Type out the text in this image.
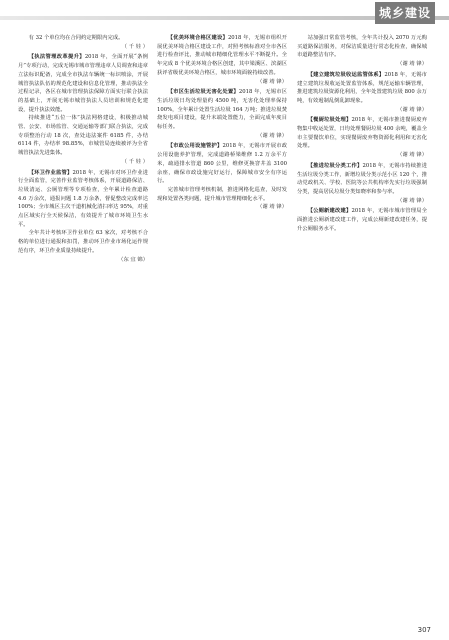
城乡建设

有 32 个单位均在合同约定期限内完成。

（ 千 娃 ）

【执法管理改革提升】2018 年，全面开展“条例月”专项行动，完成无锡市城市管理违章人员调查和违章立法标识配备，完成全市执法车辆统一标识喷涂，开展城管执法队伍的规范化建设和信息化管理，推动执法全过程记录，各区在城市管理执法保障方面实行联合执法的基础上，开展无锡市城管执法人员培训和规范化建设，提升执法效能。

持续推进“五位一体”执法网格建设，积极推动城管、公安、市场监管、交通运输等部门联合执法，完成专项整治行动 18 次，查处违法案件 6185 件，办结 6114 件，办结率 98.85%，市城管局连续被评为全省城管执法先进集体。

（ 千 娃 ）

【环卫作业监管】2018 年，无锡市对环卫作业进行全面监管，完善作业监管考核体系，开展道路保洁、垃圾清运、公厕管理等专项检查，全年累计检查道路 4.6 万余次，通报问题 1.8 万余条，督促整改完成率达 100%；全市城区主次干道机械化清扫率达 95%，对重点区域实行全天候保洁，有效提升了城市环境卫生水平。

全年共计考核环卫作业单位 63 家次，对考核不合格的单位进行通报和扣罚，推动环卫作业市场化运作规范有序，环卫作业质量持续提升。

（东 宜 锦）

【优美环境合格区建设】2018 年，无锡市组织开展优美环境合格区建设工作，对照考核标准对全市各区进行检查评比，推动城市精细化管理水平不断提升。全年完成 8 个优美环境合格区创建，其中梁溪区、滨湖区获评省级优美环境合格区，城市环境面貌持续改善。

（谢 靖 锋）

【市区生活垃圾无害化处置】2018 年，无锡市区生活垃圾日均处理量约 4500 吨，无害化处理率保持 100%，全年累计处置生活垃圾 164 万吨；推进垃圾焚烧发电项目建设，提升末端处置能力，全面完成年度目标任务。

（谢 靖 锋）

【市政公用设施管护】2018 年，无锡市开展市政公用设施养护管理，完成道路桥梁维修 1.2 万余平方米，疏通排水管道 860 公里，维修更换窨井盖 3100 余座，确保市政设施完好运行，保障城市安全有序运行。

完善城市管理考核机制，推进网格化巡查，及时发现和处置各类问题，提升城市管理精细化水平。

（谢 靖 锋）

站加强日常监管考核，全年共计投入 2070 万元购买道路保洁服务，对保洁质量进行常态化检查，确保城市道路整洁有序。

（谢 靖 锋）

【建立建筑垃圾收运监管体系】2018 年，无锡市建立建筑垃圾收运处置监管体系，规范运输车辆管理，推进建筑垃圾资源化利用，全年处置建筑垃圾 800 余万吨，有效遏制乱倒乱卸现象。

（谢 靖 锋）

【餐厨垃圾处理】2018 年，无锡市推进餐厨废弃物集中收运处置，日均处理餐厨垃圾 400 余吨，覆盖全市主要餐饮单位，实现餐厨废弃物资源化利用和无害化处理。

（谢 靖 锋）

【推进垃圾分类工作】2018 年，无锡市持续推进生活垃圾分类工作，新增垃圾分类示范小区 120 个，推动党政机关、学校、医院等公共机构率先实行垃圾强制分类，提高居民垃圾分类知晓率和参与率。

（谢 靖 锋）

【公厕新建改建】2018 年，无锡市城市管理局全面推进公厕新建改建工作，完成公厕新建改建任务，提升公厕服务水平。

307
